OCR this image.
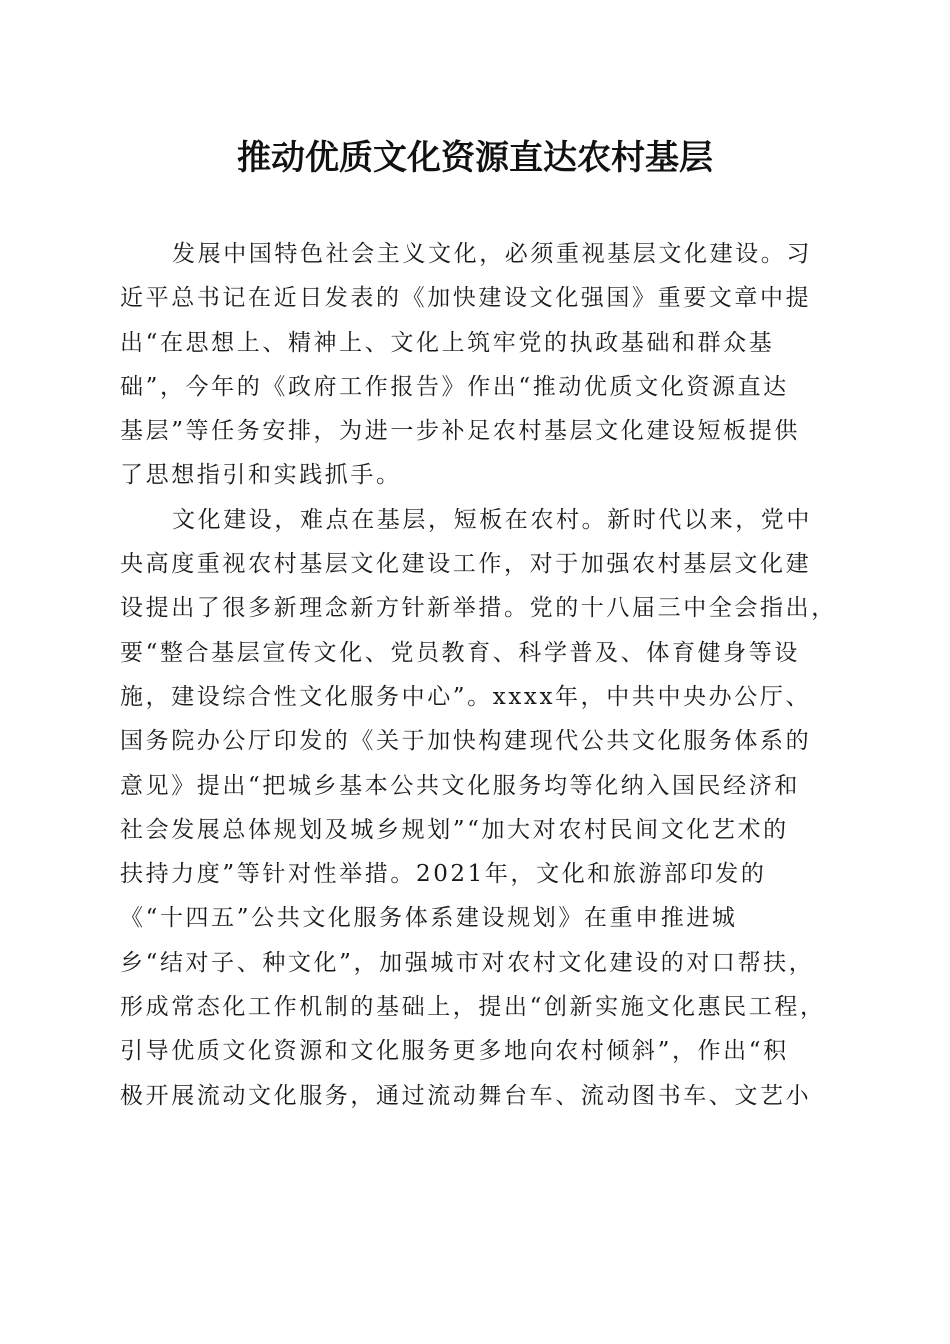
推动优质文化资源直达农村基层
发展中国特色社会主义文化，必须重视基层文化建设。习
近平总书记在近日发表的《加快建设文化强国》重要文章中提
出“在思想上、精神上、文化上筑牢党的执政基础和群众基
础”，今年的《政府工作报告》作出“推动优质文化资源直达
基层”等任务安排，为进一步补足农村基层文化建设短板提供
了思想指引和实践抓手。
文化建设，难点在基层，短板在农村。新时代以来，党中
央高度重视农村基层文化建设工作，对于加强农村基层文化建
设提出了很多新理念新方针新举措。党的十八届三中全会指出，
要“整合基层宣传文化、党员教育、科学普及、体育健身等设
施，建设综合性文化服务中心”。xxxx年，中共中央办公厅、
国务院办公厅印发的《关于加快构建现代公共文化服务体系的
意见》提出“把城乡基本公共文化服务均等化纳入国民经济和
社会发展总体规划及城乡规划”“加大对农村民间文化艺术的
扶持力度”等针对性举措。2021年，文化和旅游部印发的
《“十四五”公共文化服务体系建设规划》在重申推进城
乡“结对子、种文化”，加强城市对农村文化建设的对口帮扶，
形成常态化工作机制的基础上，提出“创新实施文化惠民工程，
引导优质文化资源和文化服务更多地向农村倾斜”，作出“积
极开展流动文化服务，通过流动舞台车、流动图书车、文艺小
